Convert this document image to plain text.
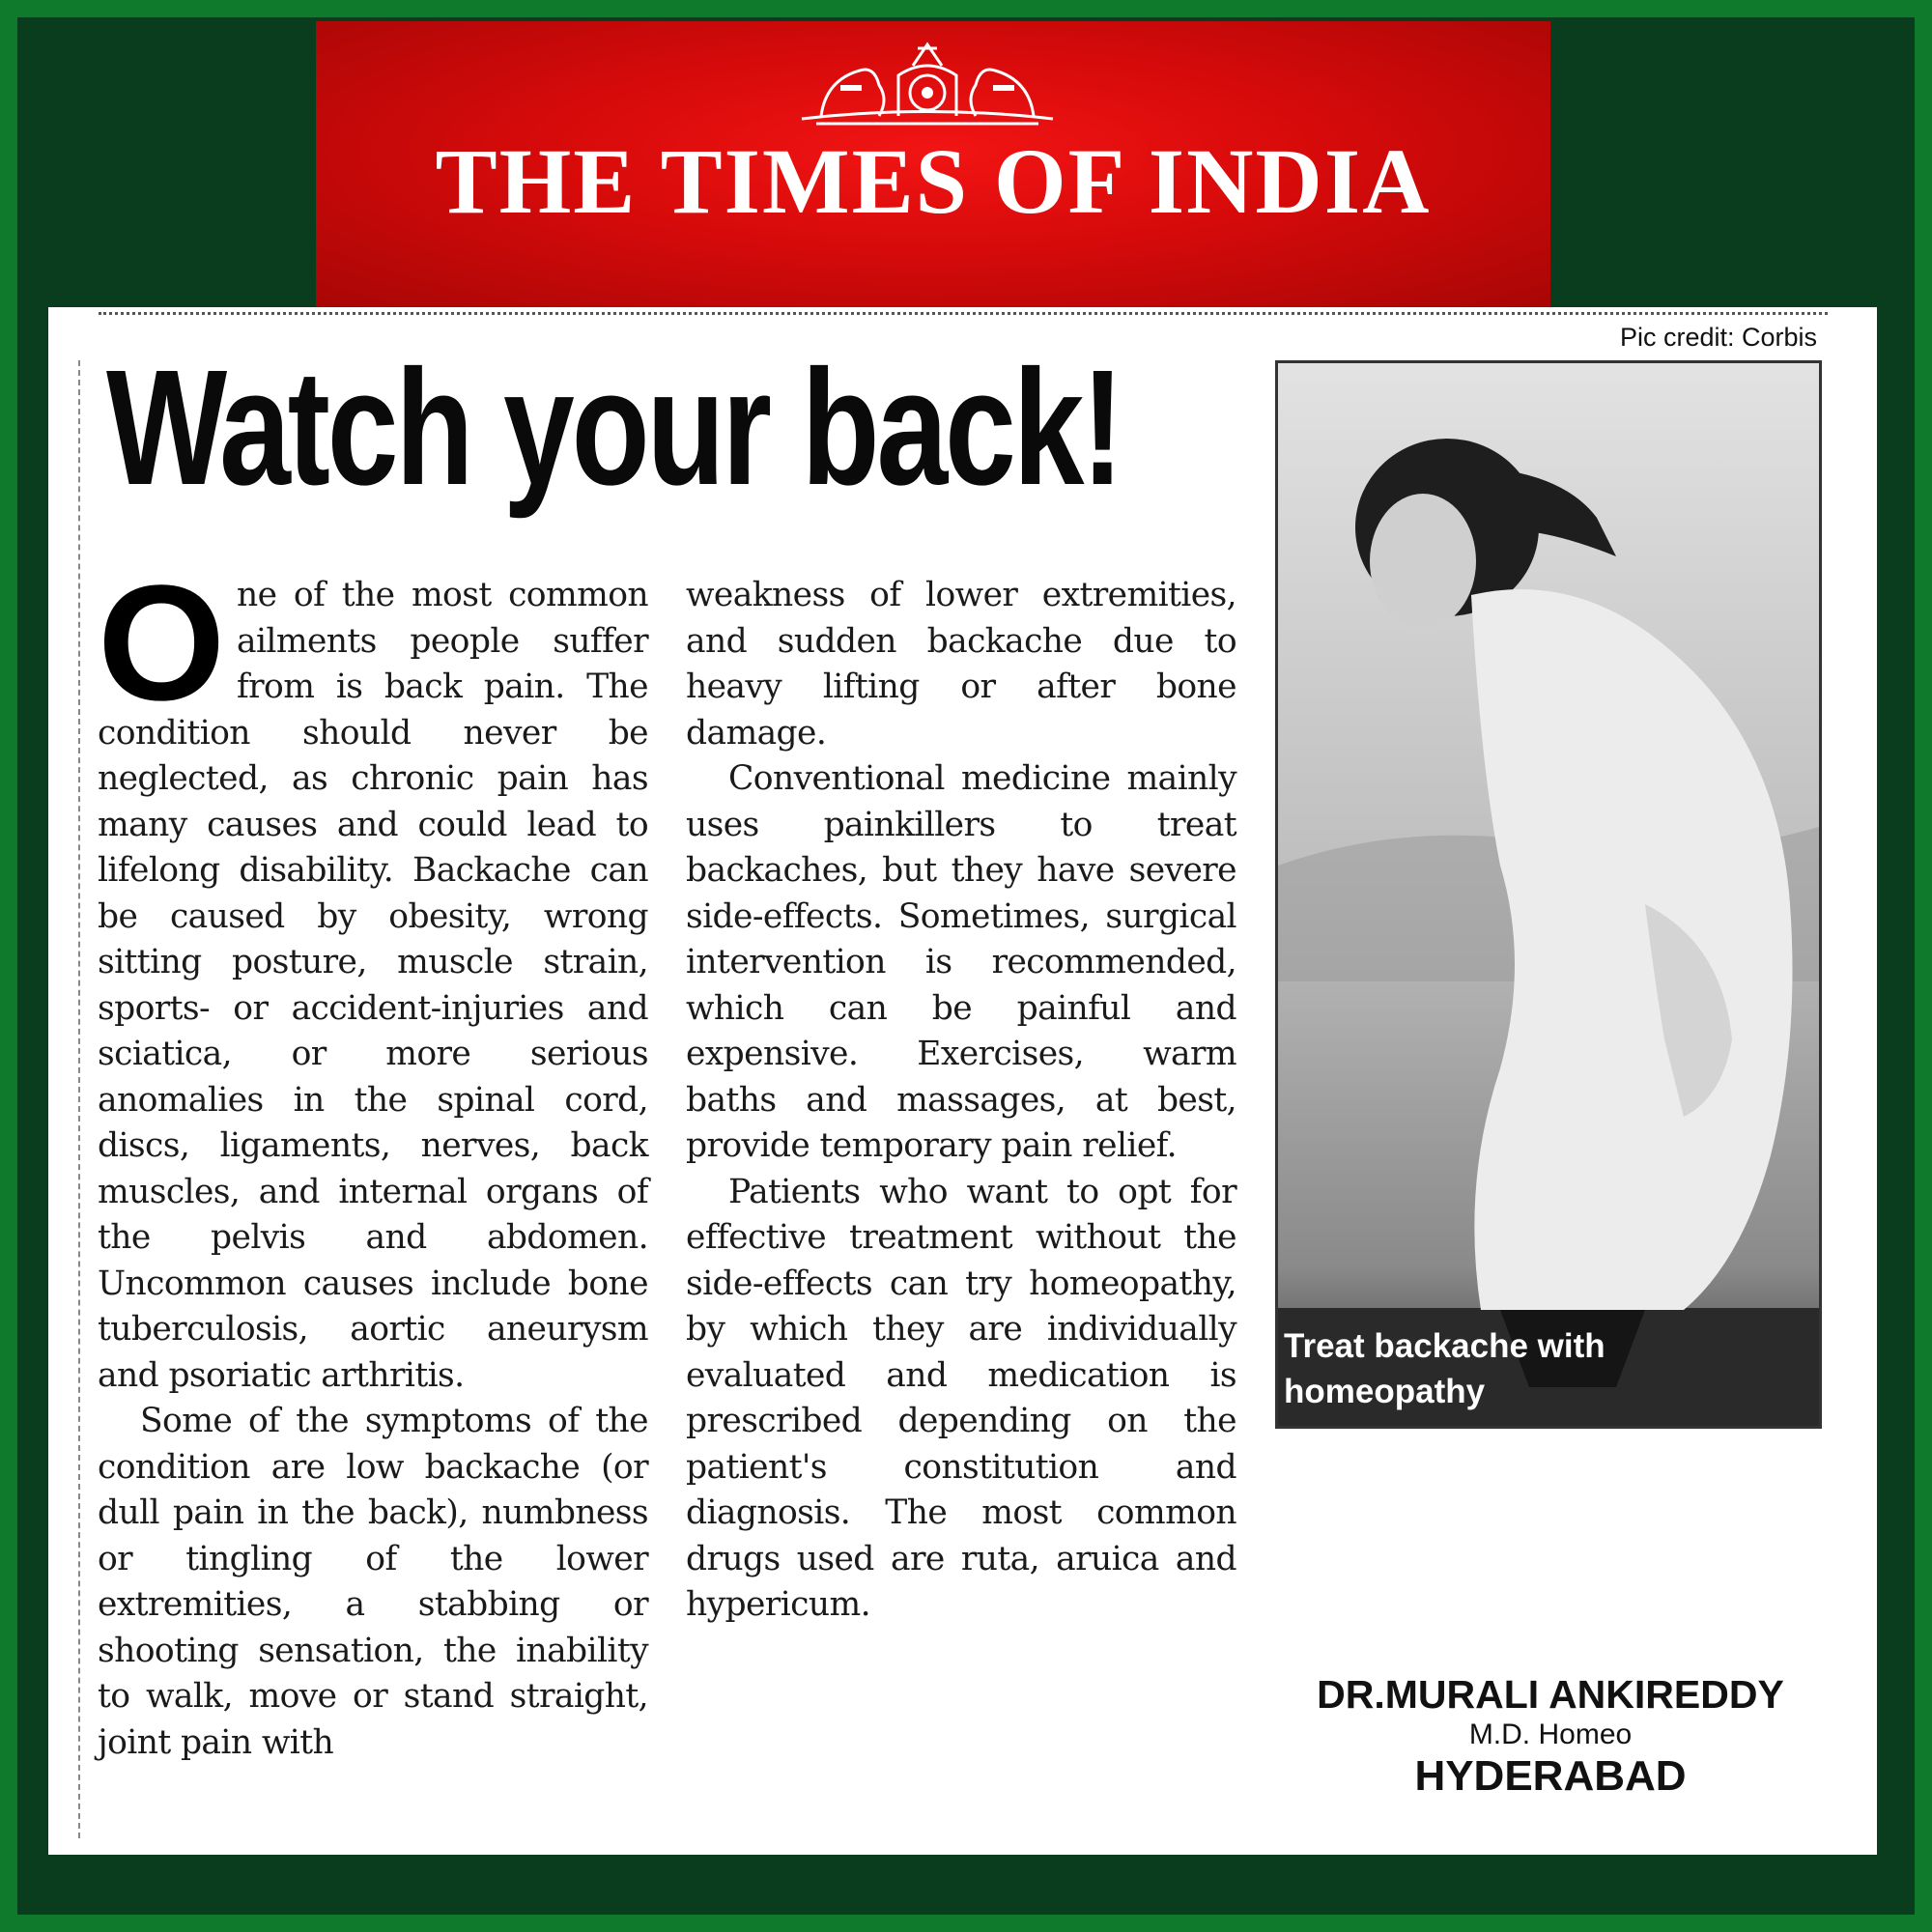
THE TIMES OF INDIA
Pic credit: Corbis
Watch your back!

One of the most common ailments people suffer from is back pain. The condition should never be neglected, as chronic pain has many causes and could lead to lifelong disability. Backache can be caused by obesity, wrong sitting posture, muscle strain, sports- or accident-injuries and sciatica, or more serious anomalies in the spinal cord, discs, ligaments, nerves, back muscles, and internal organs of the pelvis and abdomen. Uncommon causes include bone tuberculosis, aortic aneurysm and psoriatic arthritis.

Some of the symptoms of the condition are low backache (or dull pain in the back), numbness or tingling of the lower extremities, a stabbing or shooting sensation, the inability to walk, move or stand straight, joint pain with

weakness of lower extremities, and sudden backache due to heavy lifting or after bone damage.

Conventional medicine mainly uses painkillers to treat backaches, but they have severe side-effects. Sometimes, surgical intervention is recommended, which can be painful and expensive. Exercises, warm baths and massages, at best, provide temporary pain relief.

Patients who want to opt for effective treatment without the side-effects can try homeopathy, by which they are individually evaluated and medication is prescribed depending on the patient's constitution and diagnosis. The most common drugs used are ruta, aruica and hypericum.

Treat backache with homeopathy
DR.MURALI ANKIREDDY
M.D. Homeo
HYDERABAD
